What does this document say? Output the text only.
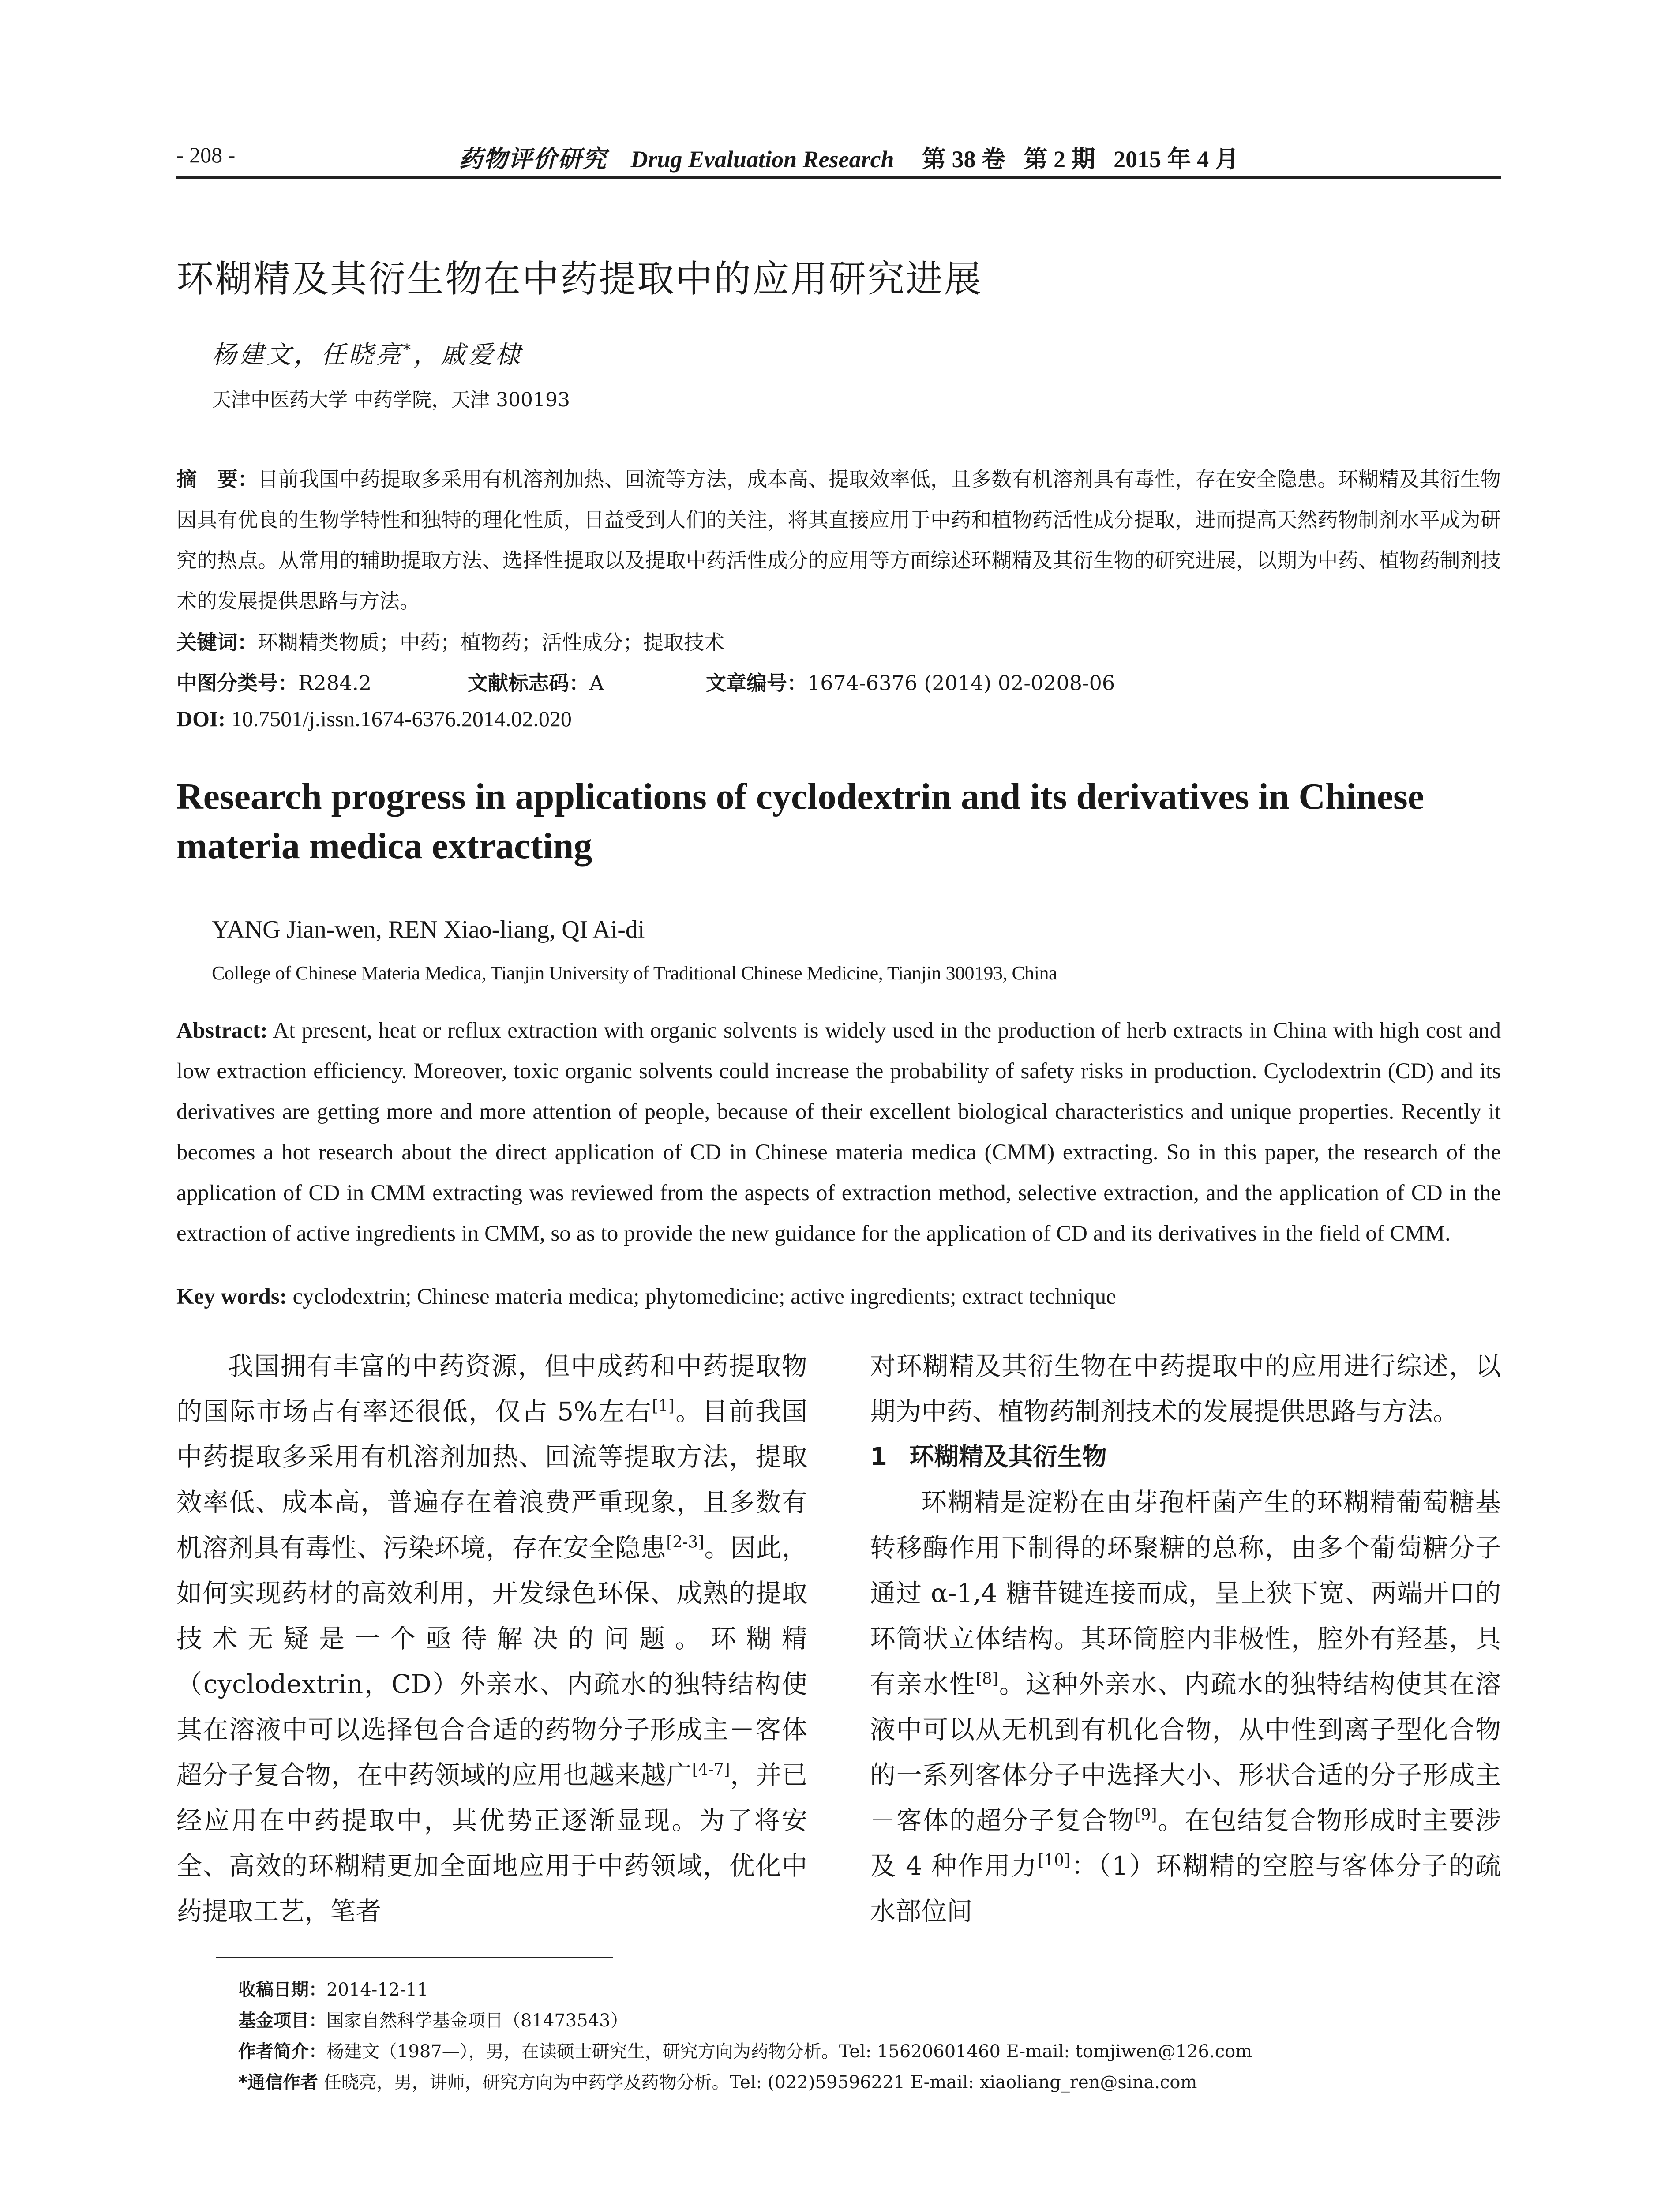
- 208 -	药物评价研究 Drug Evaluation Research 第 38 卷 第 2 期 2015 年 4 月
环糊精及其衍生物在中药提取中的应用研究进展
杨建文，任晓亮*，戚爱棣
天津中医药大学 中药学院，天津 300193
摘　要：目前我国中药提取多采用有机溶剂加热、回流等方法，成本高、提取效率低，且多数有机溶剂具有毒性，存在安全隐患。环糊精及其衍生物因具有优良的生物学特性和独特的理化性质，日益受到人们的关注，将其直接应用于中药和植物药活性成分提取，进而提高天然药物制剂水平成为研究的热点。从常用的辅助提取方法、选择性提取以及提取中药活性成分的应用等方面综述环糊精及其衍生物的研究进展，以期为中药、植物药制剂技术的发展提供思路与方法。
关键词：环糊精类物质；中药；植物药；活性成分；提取技术
中图分类号：R284.2	文献标志码：A	文章编号：1674-6376 (2014) 02-0208-06
DOI: 10.7501/j.issn.1674-6376.2014.02.020
Research progress in applications of cyclodextrin and its derivatives in Chinese materia medica extracting
YANG Jian-wen, REN Xiao-liang, QI Ai-di
College of Chinese Materia Medica, Tianjin University of Traditional Chinese Medicine, Tianjin 300193, China
Abstract: At present, heat or reflux extraction with organic solvents is widely used in the production of herb extracts in China with high cost and low extraction efficiency. Moreover, toxic organic solvents could increase the probability of safety risks in production. Cyclodextrin (CD) and its derivatives are getting more and more attention of people, because of their excellent biological characteristics and unique properties. Recently it becomes a hot research about the direct application of CD in Chinese materia medica (CMM) extracting. So in this paper, the research of the application of CD in CMM extracting was reviewed from the aspects of extraction method, selective extraction, and the application of CD in the extraction of active ingredients in CMM, so as to provide the new guidance for the application of CD and its derivatives in the field of CMM.
Key words: cyclodextrin; Chinese materia medica; phytomedicine; active ingredients; extract technique

我国拥有丰富的中药资源，但中成药和中药提取物的国际市场占有率还很低，仅占 5%左右[1]。目前我国中药提取多采用有机溶剂加热、回流等提取方法，提取效率低、成本高，普遍存在着浪费严重现象，且多数有机溶剂具有毒性、污染环境，存在安全隐患[2-3]。因此，如何实现药材的高效利用，开发绿色环保、成熟的提取技术无疑是一个亟待解决的问题。环糊精（cyclodextrin，CD）外亲水、内疏水的独特结构使其在溶液中可以选择包合合适的药物分子形成主－客体超分子复合物，在中药领域的应用也越来越广[4-7]，并已经应用在中药提取中，其优势正逐渐显现。为了将安全、高效的环糊精更加全面地应用于中药领域，优化中药提取工艺，笔者

对环糊精及其衍生物在中药提取中的应用进行综述，以期为中药、植物药制剂技术的发展提供思路与方法。

1 环糊精及其衍生物

环糊精是淀粉在由芽孢杆菌产生的环糊精葡萄糖基转移酶作用下制得的环聚糖的总称，由多个葡萄糖分子通过 α-1,4 糖苷键连接而成，呈上狭下宽、两端开口的环筒状立体结构。其环筒腔内非极性，腔外有羟基，具有亲水性[8]。这种外亲水、内疏水的独特结构使其在溶液中可以从无机到有机化合物，从中性到离子型化合物的一系列客体分子中选择大小、形状合适的分子形成主－客体的超分子复合物[9]。在包结复合物形成时主要涉及 4 种作用力[10]：（1）环糊精的空腔与客体分子的疏水部位间

收稿日期：2014-12-11
基金项目：国家自然科学基金项目（81473543）
作者简介：杨建文（1987—），男，在读硕士研究生，研究方向为药物分析。Tel: 15620601460 E-mail: tomjiwen@126.com
*通信作者 任晓亮，男，讲师，研究方向为中药学及药物分析。Tel: (022)59596221 E-mail: xiaoliang_ren@sina.com
